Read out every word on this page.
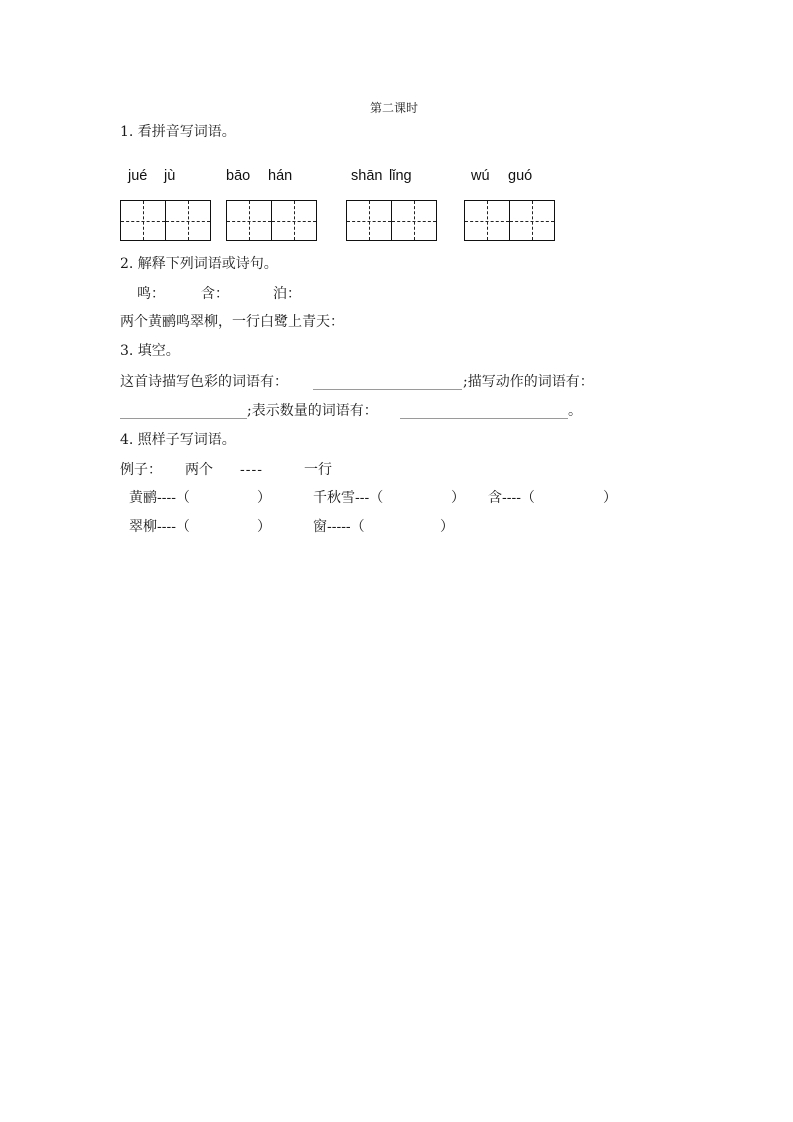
第二课时
1. 看拼音写词语。
jué jù	bāo hán	shān lǐng	wú guó
2. 解释下列词语或诗句。
鸣：	含：	泊：
两个黄鹂鸣翠柳，一行白鹭上青天：
3. 填空。
这首诗描写色彩的词语有：	;描写动作的词语有：
;表示数量的词语有：	。
4. 照样子写词语。
例子： 两个 ----	一行
黄鹂----（	）	千秋雪---（	） 含----（	）
翠柳----（	）	窗-----（	）
